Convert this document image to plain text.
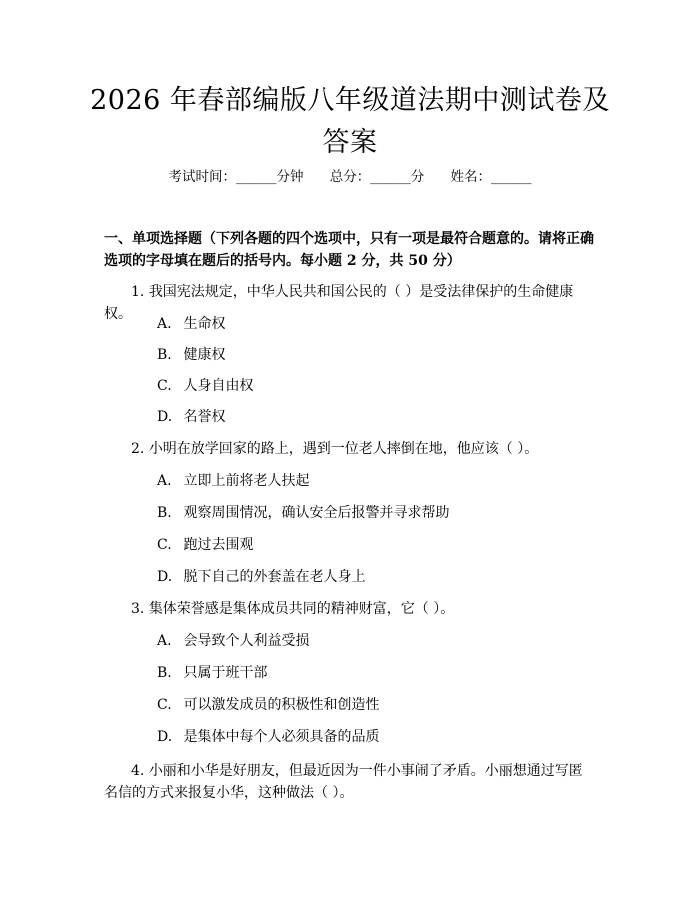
2026 年春部编版八年级道法期中测试卷及答案
考试时间：______分钟 总分：______分 姓名：______
一、单项选择题（下列各题的四个选项中，只有一项是最符合题意的。请将正确选项的字母填在题后的括号内。每小题 2 分，共 50 分）
1. 我国宪法规定，中华人民共和国公民的（ ）是受法律保护的生命健康权。
A. 生命权
B. 健康权
C. 人身自由权
D. 名誉权
2. 小明在放学回家的路上，遇到一位老人摔倒在地，他应该（ ）。
A. 立即上前将老人扶起
B. 观察周围情况，确认安全后报警并寻求帮助
C. 跑过去围观
D. 脱下自己的外套盖在老人身上
3. 集体荣誉感是集体成员共同的精神财富，它（ ）。
A. 会导致个人利益受损
B. 只属于班干部
C. 可以激发成员的积极性和创造性
D. 是集体中每个人必须具备的品质
4. 小丽和小华是好朋友，但最近因为一件小事闹了矛盾。小丽想通过写匿名信的方式来报复小华，这种做法（ ）。
